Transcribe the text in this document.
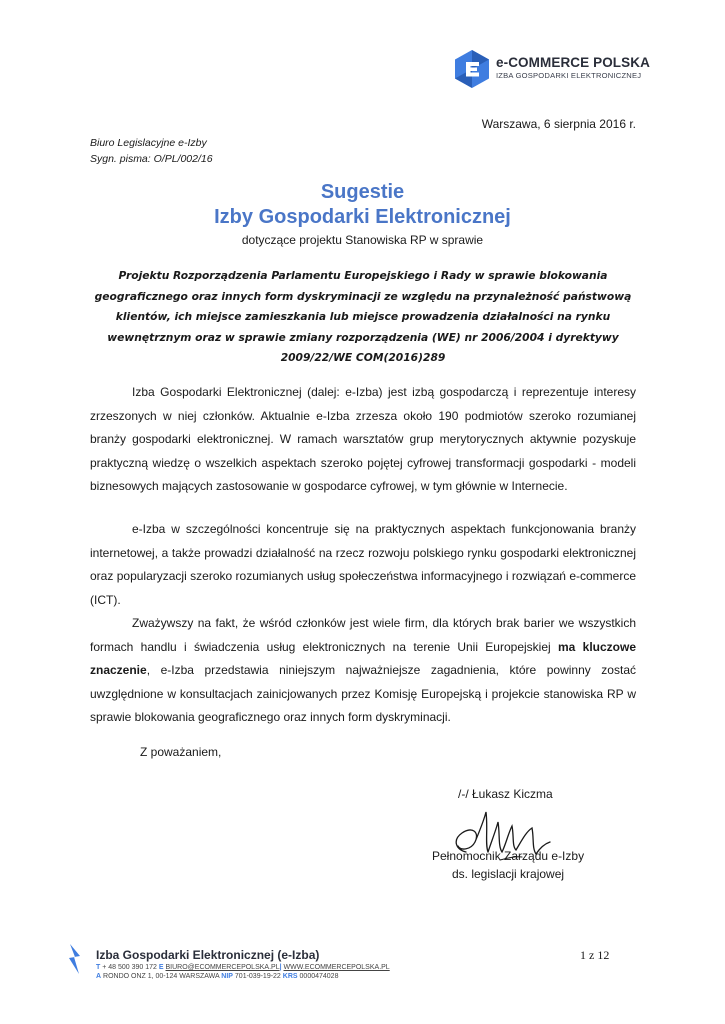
e-COMMERCE POLSKA
IZBA GOSPODARKI ELEKTRONICZNEJ
Warszawa, 6 sierpnia 2016 r.
Biuro Legislacyjne e-Izby
Sygn. pisma: O/PL/002/16
Sugestie
Izby Gospodarki Elektronicznej
dotyczące projektu Stanowiska RP w sprawie
Projektu Rozporządzenia Parlamentu Europejskiego i Rady w sprawie blokowania
geograficznego oraz innych form dyskryminacji ze względu na przynależność państwową
klientów, ich miejsce zamieszkania lub miejsce prowadzenia działalności na rynku
wewnętrznym oraz w sprawie zmiany rozporządzenia (WE) nr 2006/2004 i dyrektywy
2009/22/WE COM(2016)289

Izba Gospodarki Elektronicznej (dalej: e-Izba) jest izbą gospodarczą i reprezentuje interesy zrzeszonych w niej członków. Aktualnie e-Izba zrzesza około 190 podmiotów szeroko rozumianej branży gospodarki elektronicznej. W ramach warsztatów grup merytorycznych aktywnie pozyskuje praktyczną wiedzę o wszelkich aspektach szeroko pojętej cyfrowej transformacji gospodarki - modeli biznesowych mających zastosowanie w gospodarce cyfrowej, w tym głównie w Internecie.

e-Izba w szczególności koncentruje się na praktycznych aspektach funkcjonowania branży internetowej, a także prowadzi działalność na rzecz rozwoju polskiego rynku gospodarki elektronicznej oraz popularyzacji szeroko rozumianych usług społeczeństwa informacyjnego i rozwiązań e-commerce (ICT).

Zważywszy na fakt, że wśród członków jest wiele firm, dla których brak barier we wszystkich formach handlu i świadczenia usług elektronicznych na terenie Unii Europejskiej ma kluczowe znaczenie, e-Izba przedstawia niniejszym najważniejsze zagadnienia, które powinny zostać uwzględnione w konsultacjach zainicjowanych przez Komisję Europejską i projekcie stanowiska RP w sprawie blokowania geograficznego oraz innych form dyskryminacji.

Z poważaniem,
/-/ Łukasz Kiczma
Pełnomocnik Zarządu e-Izby
ds. legislacji krajowej
Izba Gospodarki Elektronicznej (e-Izba)
T + 48 500 390 172 E BIURO@ECOMMERCEPOLSKA.PL| WWW.ECOMMERCEPOLSKA.PL
A RONDO ONZ 1, 00-124 WARSZAWA NIP 701-039-19-22 KRS 0000474028
1 z 12
